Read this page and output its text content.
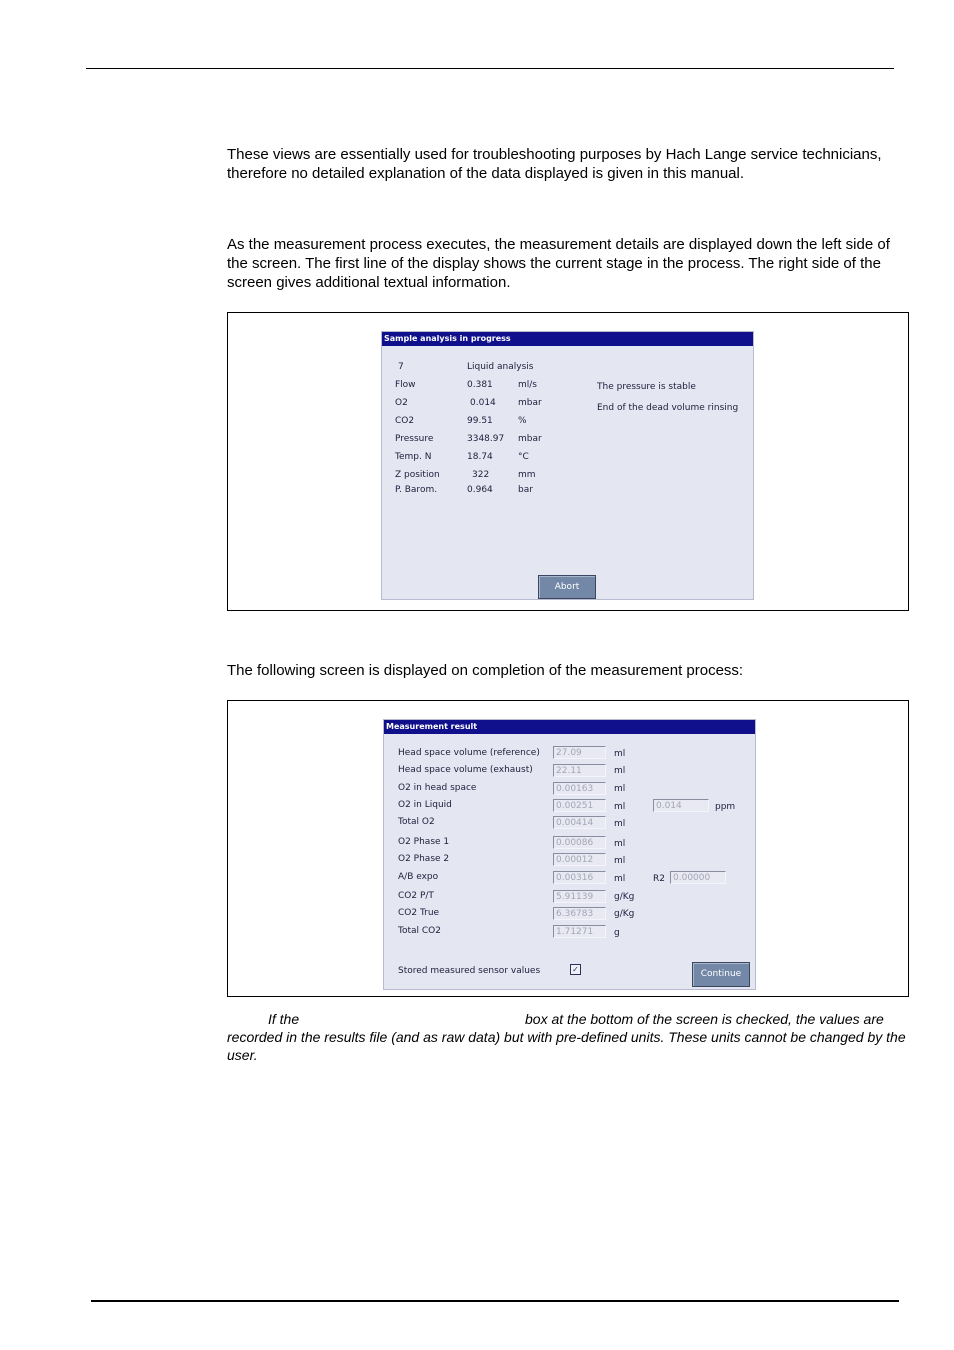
These views are essentially used for troubleshooting purposes by Hach Lange service technicians, therefore no detailed explanation of the data displayed is given in this manual.

As the measurement process executes, the measurement details are displayed down the left side of the screen. The first line of the display shows the current stage in the process. The right side of the screen gives additional textual information.

Sample analysis in progress
7	Liquid analysis
Flow	0.381	ml/s
O2	0.014 mbar
CO2	99.51	%
Pressure	3348.97 mbar
Temp. N	18.74	°C
Z position	322	mm
P. Barom.	0.964	bar
The pressure is stable
End of the dead volume rinsing
Abort

The following screen is displayed on completion of the measurement process:

Measurement result
Head space volume (reference)	27.09	ml
Head space volume (exhaust)	22.11	ml
O2 in head space	0.00163	ml
O2 in Liquid	0.00251	ml	0.014	ppm
Total O2	0.00414	ml
O2 Phase 1	0.00086	ml
O2 Phase 2	0.00012	ml
A/B expo	0.00316	ml	R2 0.00000
CO2 P/T	5.91139	g/Kg
CO2 True	6.36783	g/Kg
Total CO2	1.71271	g
Stored measured sensor values	✓	Continue
If the	box at the bottom of the screen is checked, the values are recorded in the results file (and as raw data) but with pre-defined units. These units cannot be changed by the user.
